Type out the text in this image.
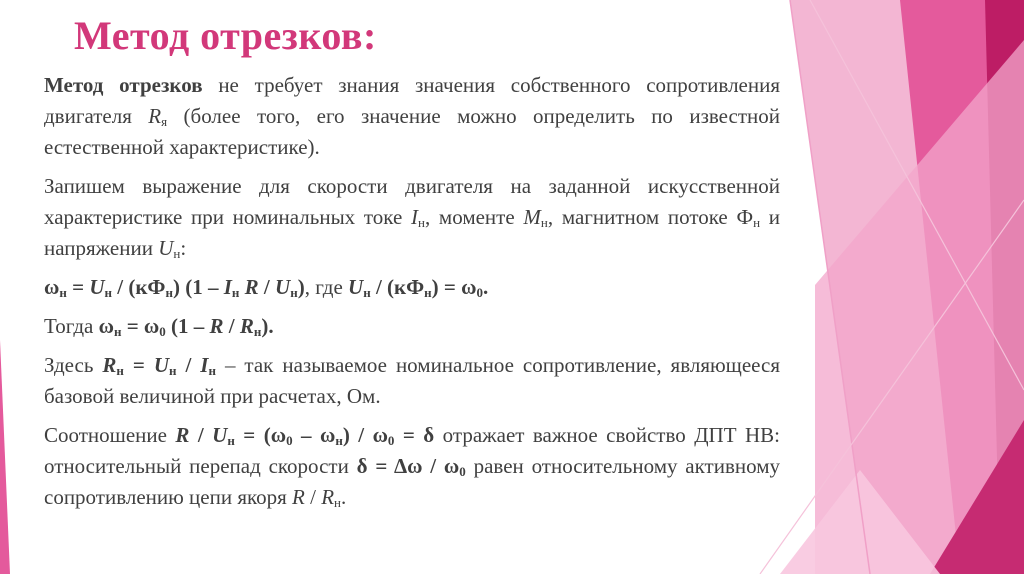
Метод отрезков:

Метод отрезков не требует знания значения собственного сопротивления двигателя $R_я$ (более того, его значение можно определить по известной естественной характеристике).

Запишем выражение для скорости двигателя на заданной искусственной характеристике при номинальных токе $I_н$, моменте $M_н$, магнитном потоке $Ф_н$ и напряжении $U_н$:

$\omega_н = U_н / (кФ_н)$ ($1 - I_н$ R / $U_н$), где $U_н / (кФ_н) = \omega_0$.

Тогда $\omega_н = \omega_0$ (1 – R / $R_н$).

Здесь $R_н = U_н / I_н$ – так называемое номинальное сопротивление, являющееся базовой величиной при расчетах, Ом.

Соотношение $R / U_н = (\omega_0 - \omega_н) / \omega_0 = \delta$ отражает важное свойство ДПТ НВ: относительный перепад скорости $\delta = \Delta\omega / \omega_0$ равен относительному активному сопротивлению цепи якоря R / $R_н$.
